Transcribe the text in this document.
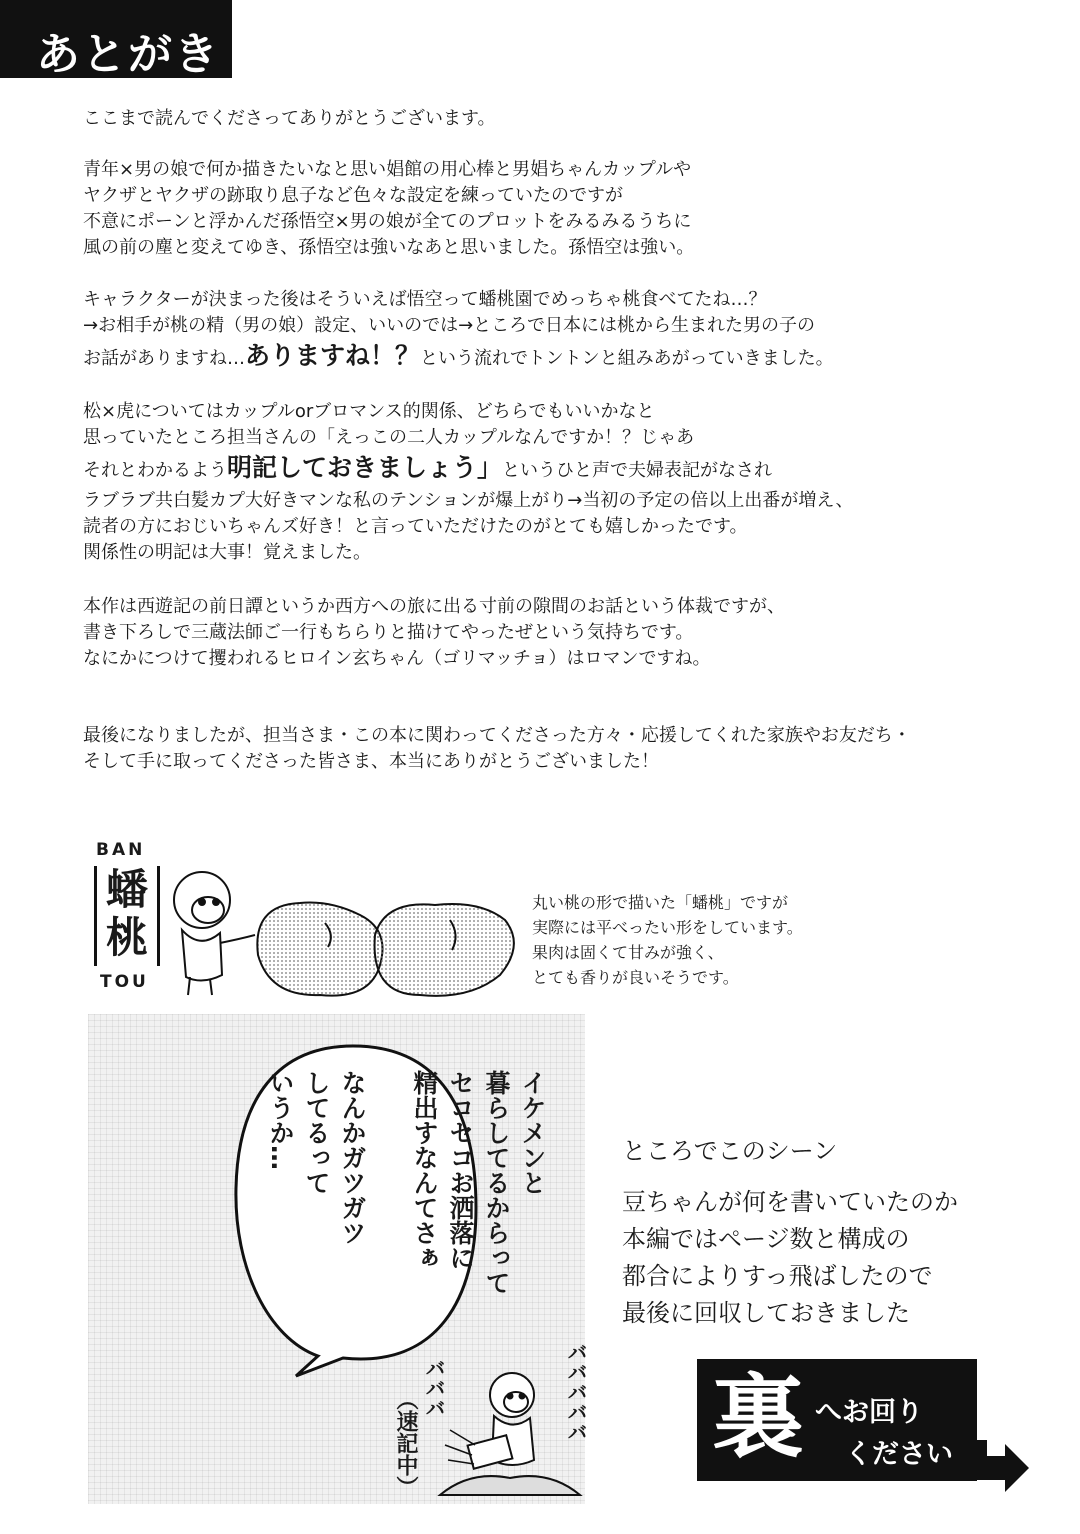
あとがき
ここまで読んでくださってありがとうございます。
青年×男の娘で何か描きたいなと思い娼館の用心棒と男娼ちゃんカップルや
ヤクザとヤクザの跡取り息子など色々な設定を練っていたのですが
不意にポーンと浮かんだ孫悟空×男の娘が全てのプロットをみるみるうちに
風の前の塵と変えてゆき、孫悟空は強いなあと思いました。孫悟空は強い。
キャラクターが決まった後はそういえば悟空って蟠桃園でめっちゃ桃食べてたね…？
→お相手が桃の精（男の娘）設定、いいのでは→ところで日本には桃から生まれた男の子の
お話がありますね…ありますね！？という流れでトントンと組みあがっていきました。
松×虎についてはカップルorブロマンス的関係、どちらでもいいかなと
思っていたところ担当さんの「えっこの二人カップルなんですか！？じゃあ
それとわかるよう明記しておきましょう」というひと声で夫婦表記がなされ
ラブラブ共白髪カプ大好きマンな私のテンションが爆上がり→当初の予定の倍以上出番が増え、
読者の方におじいちゃんズ好き！と言っていただけたのがとても嬉しかったです。
関係性の明記は大事！覚えました。
本作は西遊記の前日譚というか西方への旅に出る寸前の隙間のお話という体裁ですが、
書き下ろしで三蔵法師ご一行もちらりと描けてやったぜという気持ちです。
なにかにつけて攫われるヒロイン玄ちゃん（ゴリマッチョ）はロマンですね。
最後になりましたが、担当さま・この本に関わってくださった方々・応援してくれた家族やお友だち・
そして手に取ってくださった皆さま、本当にありがとうございました！
BAN
蟠
桃
TOU
丸い桃の形で描いた「蟠桃」ですが
実際には平べったい形をしています。
果肉は固くて甘みが強く、
とても香りが良いそうです。
イケメンと
暮らしてるからって
セコセコお洒落に
精出すなんてさぁ

なんかガツガツ
してるって
いうか…
バババ	バババババ
（速記中）
ところでこのシーン
豆ちゃんが何を書いていたのか
本編ではページ数と構成の
都合によりすっ飛ばしたので
最後に回収しておきました
裏 へお回り
ください
